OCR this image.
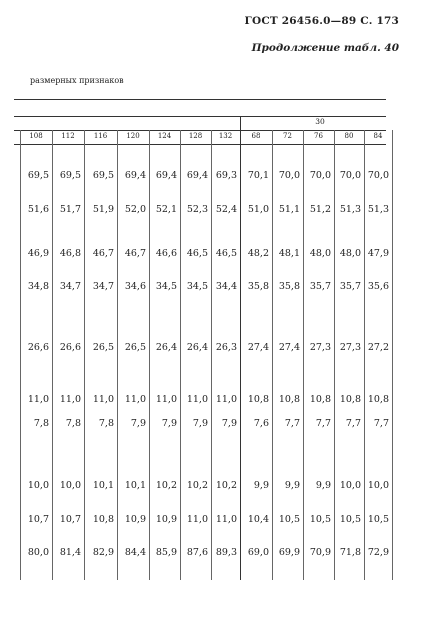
ГОСТ 26456.0—89 С. 173
Продолжение табл. 40
размерных признаков
30
108	112	116	120	124	128	132	68	72	76	80	84
69,5	69,5	69,5	69,4	69,4	69,4 69,3	70,1	70,0	70,0 70,0 70,0
51,6	51,7	51,9	52,0	52,1	52,3 52,4	51,0	51,1	51,2 51,3 51,3
46,9	46,8	46,7	46,7	46,6	46,5 46,5	48,2	48,1	48,0 48,0 47,9
34,8	34,7	34,7	34,6	34,5	34,5 34,4	35,8	35,8	35,7 35,7 35,6
26,6	26,6	26,5	26,5	26,4	26,4 26,3	27,4	27,4	27,3 27,3 27,2
11,0	11,0	11,0	11,0	11,0	11,0 11,0	10,8	10,8	10,8 10,8 10,8
7,8	7,8	7,8	7,9	7,9	7,9	7,9	7,6	7,7	7,7	7,7	7,7
10,0	10,0	10,1	10,1	10,2	10,2 10,2	9,9	9,9	9,9 10,0 10,0
10,7	10,7	10,8	10,9	10,9	11,0 11,0	10,4	10,5	10,5 10,5 10,5
80,0	81,4	82,9	84,4	85,9	87,6 89,3	69,0	69,9	70,9 71,8 72,9
